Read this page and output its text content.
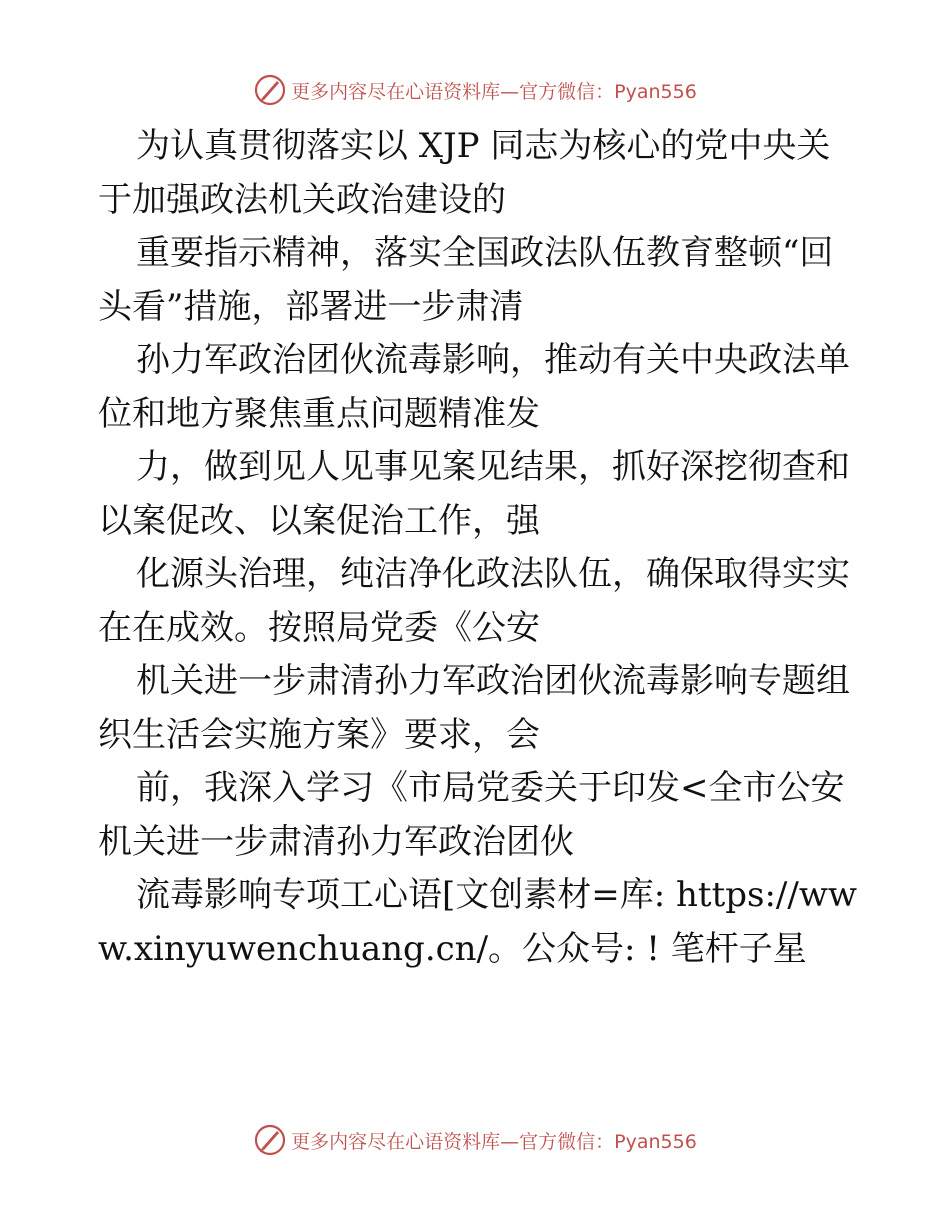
更多内容尽在心语资料库—官方微信：Pyan556

为认真贯彻落实以 XJP 同志为核心的党中央关于加强政法机关政治建设的

重要指示精神，落实全国政法队伍教育整顿“回头看”措施，部署进一步肃清

孙力军政治团伙流毒影响，推动有关中央政法单位和地方聚焦重点问题精准发

力，做到见人见事见案见结果，抓好深挖彻查和以案促改、以案促治工作，强

化源头治理，纯洁净化政法队伍，确保取得实实在在成效。按照局党委《公安

机关进一步肃清孙力军政治团伙流毒影响专题组织生活会实施方案》要求，会

前，我深入学习《市局党委关于印发<全市公安机关进一步肃清孙力军政治团伙

流毒影响专项工心语[文创素材=库: https://www.xinyuwenchuang.cn/。公众号: ! 笔杆子星

更多内容尽在心语资料库—官方微信：Pyan556
